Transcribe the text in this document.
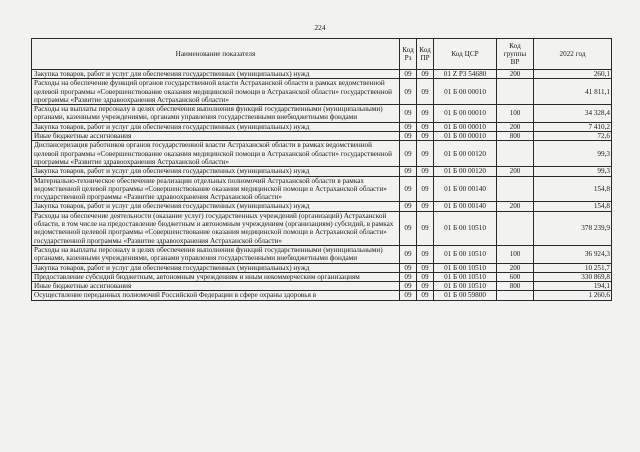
224
Наименование показателя	Код Рз	Код ПР	Код ЦСР	Код группы ВР	2022 год
Закупка товаров, работ и услуг для обеспечения государственных (муниципальных) нужд	09	09	01 Z P3 54680	200	260,1
Расходы на обеспечение функций органов государственной власти Астраханской области в рамках ведомственной целевой программы «Совершенствование оказания медицинской помощи в Астраханской области» государственной программы «Развитие здравоохранения Астраханской области»	09	09	01 Б 00 00010		41 811,1
Расходы на выплаты персоналу в целях обеспечения выполнения функций государственными (муниципальными) органами, казенными учреждениями, органами управления государственными внебюджетными фондами	09	09	01 Б 00 00010	100	34 328,4
Закупка товаров, работ и услуг для обеспечения государственных (муниципальных) нужд	09	09	01 Б 00 00010	200	7 410,2
Иные бюджетные ассигнования	09	09	01 Б 00 00010	800	72,6
Диспансеризация работников органов государственной власти Астраханской области в рамках ведомственной целевой программы «Совершенствование оказания медицинской помощи в Астраханской области» государственной программы «Развитие здравоохранения Астраханской области»	09	09	01 Б 00 00120		99,3
Закупка товаров, работ и услуг для обеспечения государственных (муниципальных) нужд	09	09	01 Б 00 00120	200	99,3
Материально-техническое обеспечение реализации отдельных полномочий Астраханской области в рамках ведомственной целевой программы «Совершенствование оказания медицинской помощи в Астраханской области» государственной программы «Развитие здравоохранения Астраханской области»	09	09	01 Б 00 00140		154,8
Закупка товаров, работ и услуг для обеспечения государственных (муниципальных) нужд	09	09	01 Б 00 00140	200	154,8
Расходы на обеспечение деятельности (оказание услуг) государственных учреждений (организаций) Астраханской области, в том числе на предоставление бюджетным и автономным учреждениям (организациям) субсидий, в рамках ведомственной целевой программы «Совершенствование оказания медицинской помощи в Астраханской области» государственной программы «Развитие здравоохранения Астраханской области»	09	09	01 Б 00 10510		378 239,9
Расходы на выплаты персоналу в целях обеспечения выполнения функций государственными (муниципальными) органами, казенными учреждениями, органами управления государственными внебюджетными фондами	09	09	01 Б 00 10510	100	36 924,3
Закупка товаров, работ и услуг для обеспечения государственных (муниципальных) нужд	09	09	01 Б 00 10510	200	10 251,7
Предоставление субсидий бюджетным, автономным учреждениям и иным некоммерческим организациям	09	09	01 Б 00 10510	600	330 869,8
Иные бюджетные ассигнования	09	09	01 Б 00 10510	800	194,1
Осуществление переданных полномочий Российской Федерации в сфере охраны здоровья в	09	09	01 Б 00 59800		1 260,6
